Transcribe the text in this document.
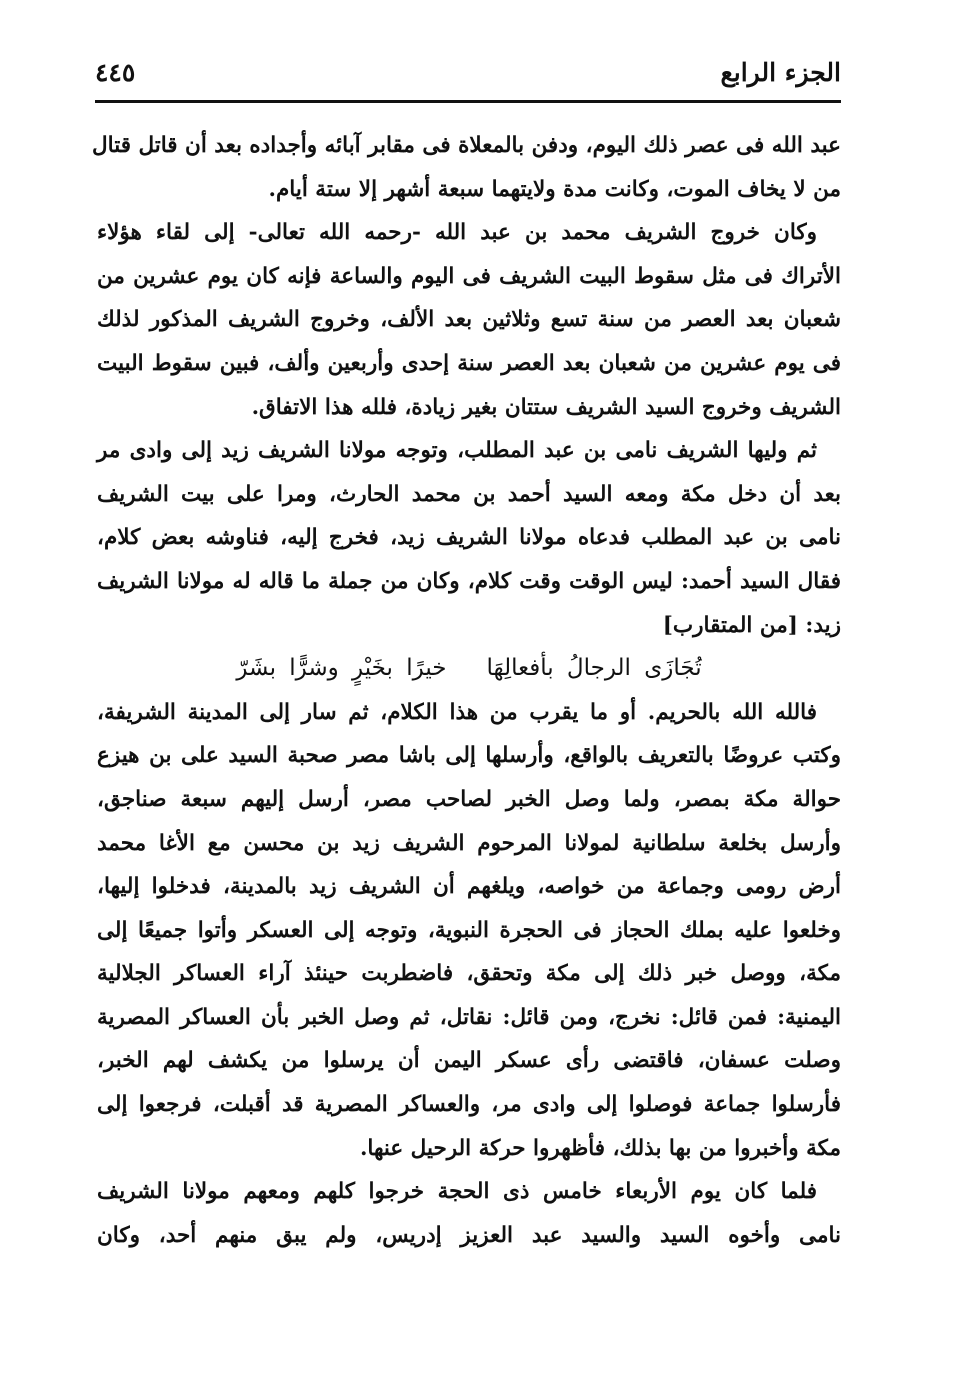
الجزء الرابع
٤٤٥
عبد الله فى عصر ذلك اليوم، ودفن بالمعلاة فى مقابر آبائه وأجداده بعد أن قاتل قتال
من لا يخاف الموت، وكانت مدة ولايتهما سبعة أشهر إلا ستة أيام.
وكان خروج الشريف محمد بن عبد الله -رحمه الله تعالى- إلى لقاء هؤلاء
الأتراك فى مثل سقوط البيت الشريف فى اليوم والساعة فإنه كان يوم عشرين من
شعبان بعد العصر من سنة تسع وثلاثين بعد الألف، وخروج الشريف المذكور لذلك
فى يوم عشرين من شعبان بعد العصر سنة إحدى وأربعين وألف، فبين سقوط البيت
الشريف وخروج السيد الشريف ستتان بغير زيادة، فلله هذا الاتفاق.
ثم وليها الشريف نامى بن عبد المطلب، وتوجه مولانا الشريف زيد إلى وادى مر
بعد أن دخل مكة ومعه السيد أحمد بن محمد الحارث، ومرا على بيت الشريف
نامى بن عبد المطلب فدعاه مولانا الشريف زيد، فخرج إليه، فناوشه بعض كلام،
فقال السيد أحمد: ليس الوقت وقت كلام، وكان من جملة ما قاله له مولانا الشريف
زيد: [من المتقارب]
تُجَازَى الرجالُ بأفعالِهَاخيرًا بخَيْرٍ وشرًّا بشَرّ
فالله الله بالحريم. أو ما يقرب من هذا الكلام، ثم سار إلى المدينة الشريفة،
وكتب عروضًا بالتعريف بالواقع، وأرسلها إلى باشا مصر صحبة السيد على بن هيزع
حوالة مكة بمصر، ولما وصل الخبر لصاحب مصر، أرسل إليهم سبعة صناجق،
وأرسل بخلعة سلطانية لمولانا المرحوم الشريف زيد بن محسن مع الأغا محمد
أرض رومى وجماعة من خواصه، ويلغهم أن الشريف زيد بالمدينة، فدخلوا إليها،
وخلعوا عليه بملك الحجاز فى الحجرة النبوية، وتوجه إلى العسكر وأتوا جميعًا إلى
مكة، ووصل خبر ذلك إلى مكة وتحقق، فاضطربت حينئذ آراء العساكر الجلالية
اليمنية: فمن قائل: نخرج، ومن قائل: نقاتل، ثم وصل الخبر بأن العساكر المصرية
وصلت عسفان، فاقتضى رأى عسكر اليمن أن يرسلوا من يكشف لهم الخبر،
فأرسلوا جماعة فوصلوا إلى وادى مر، والعساكر المصرية قد أقبلت، فرجعوا إلى
مكة وأخبروا من بها بذلك، فأظهروا حركة الرحيل عنها.
فلما كان يوم الأربعاء خامس ذى الحجة خرجوا كلهم ومعهم مولانا الشريف
نامى وأخوه السيد والسيد عبد العزيز إدريس، ولم يبق منهم أحد، وكان
